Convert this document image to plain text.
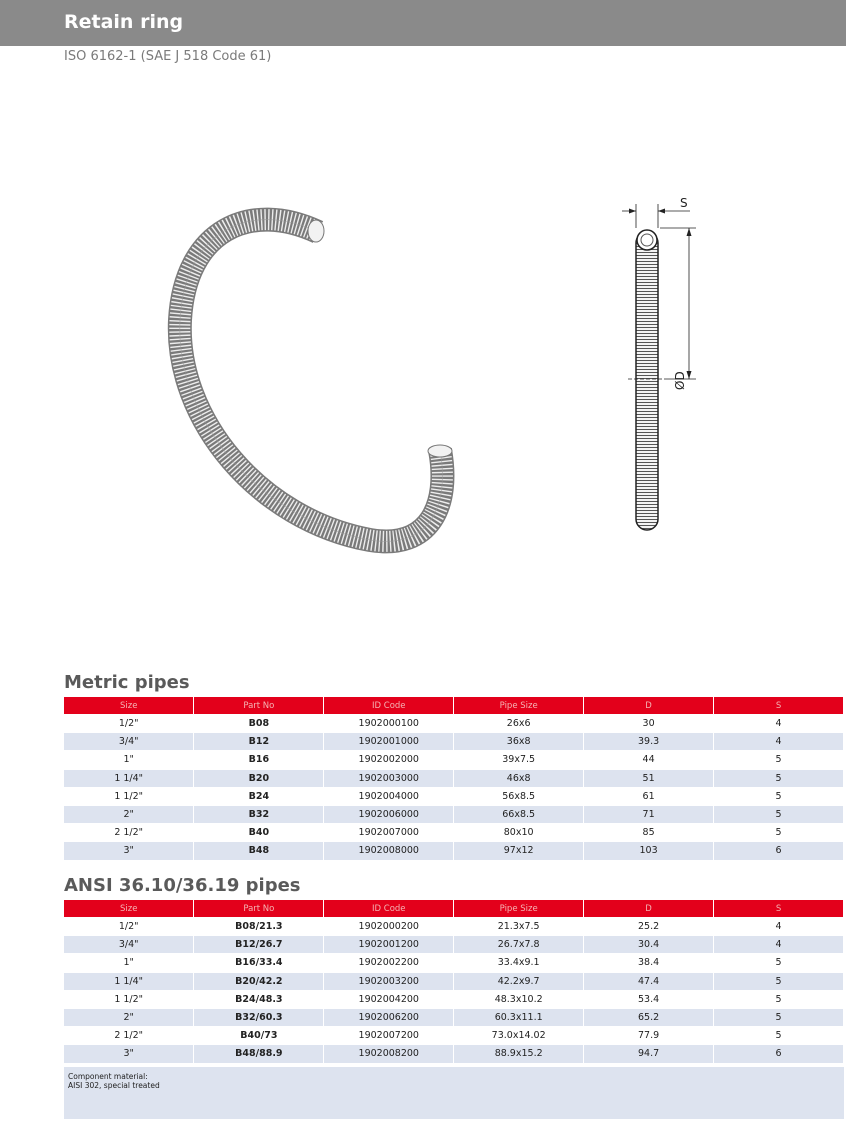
Retain ring
ISO 6162-1 (SAE J 518 Code 61)
S
ØD
Metric pipes
Size	Part No	ID Code	Pipe Size	D	S
1/2"	B08	1902000100	26x6	30	4
3/4"	B12	1902001000	36x8	39.3	4
1"	B16	1902002000	39x7.5	44	5
1 1/4"	B20	1902003000	46x8	51	5
1 1/2"	B24	1902004000	56x8.5	61	5
2"	B32	1902006000	66x8.5	71	5
2 1/2"	B40	1902007000	80x10	85	5
3"	B48	1902008000	97x12	103	6
ANSI 36.10/36.19 pipes
Size	Part No	ID Code	Pipe Size	D	S
1/2"	B08/21.3	1902000200	21.3x7.5	25.2	4
3/4"	B12/26.7	1902001200	26.7x7.8	30.4	4
1"	B16/33.4	1902002200	33.4x9.1	38.4	5
1 1/4"	B20/42.2	1902003200	42.2x9.7	47.4	5
1 1/2"	B24/48.3	1902004200	48.3x10.2	53.4	5
2"	B32/60.3	1902006200	60.3x11.1	65.2	5
2 1/2"	B40/73	1902007200	73.0x14.02	77.9	5
3"	B48/88.9	1902008200	88.9x15.2	94.7	6
Component material:
AISI 302, special treated
